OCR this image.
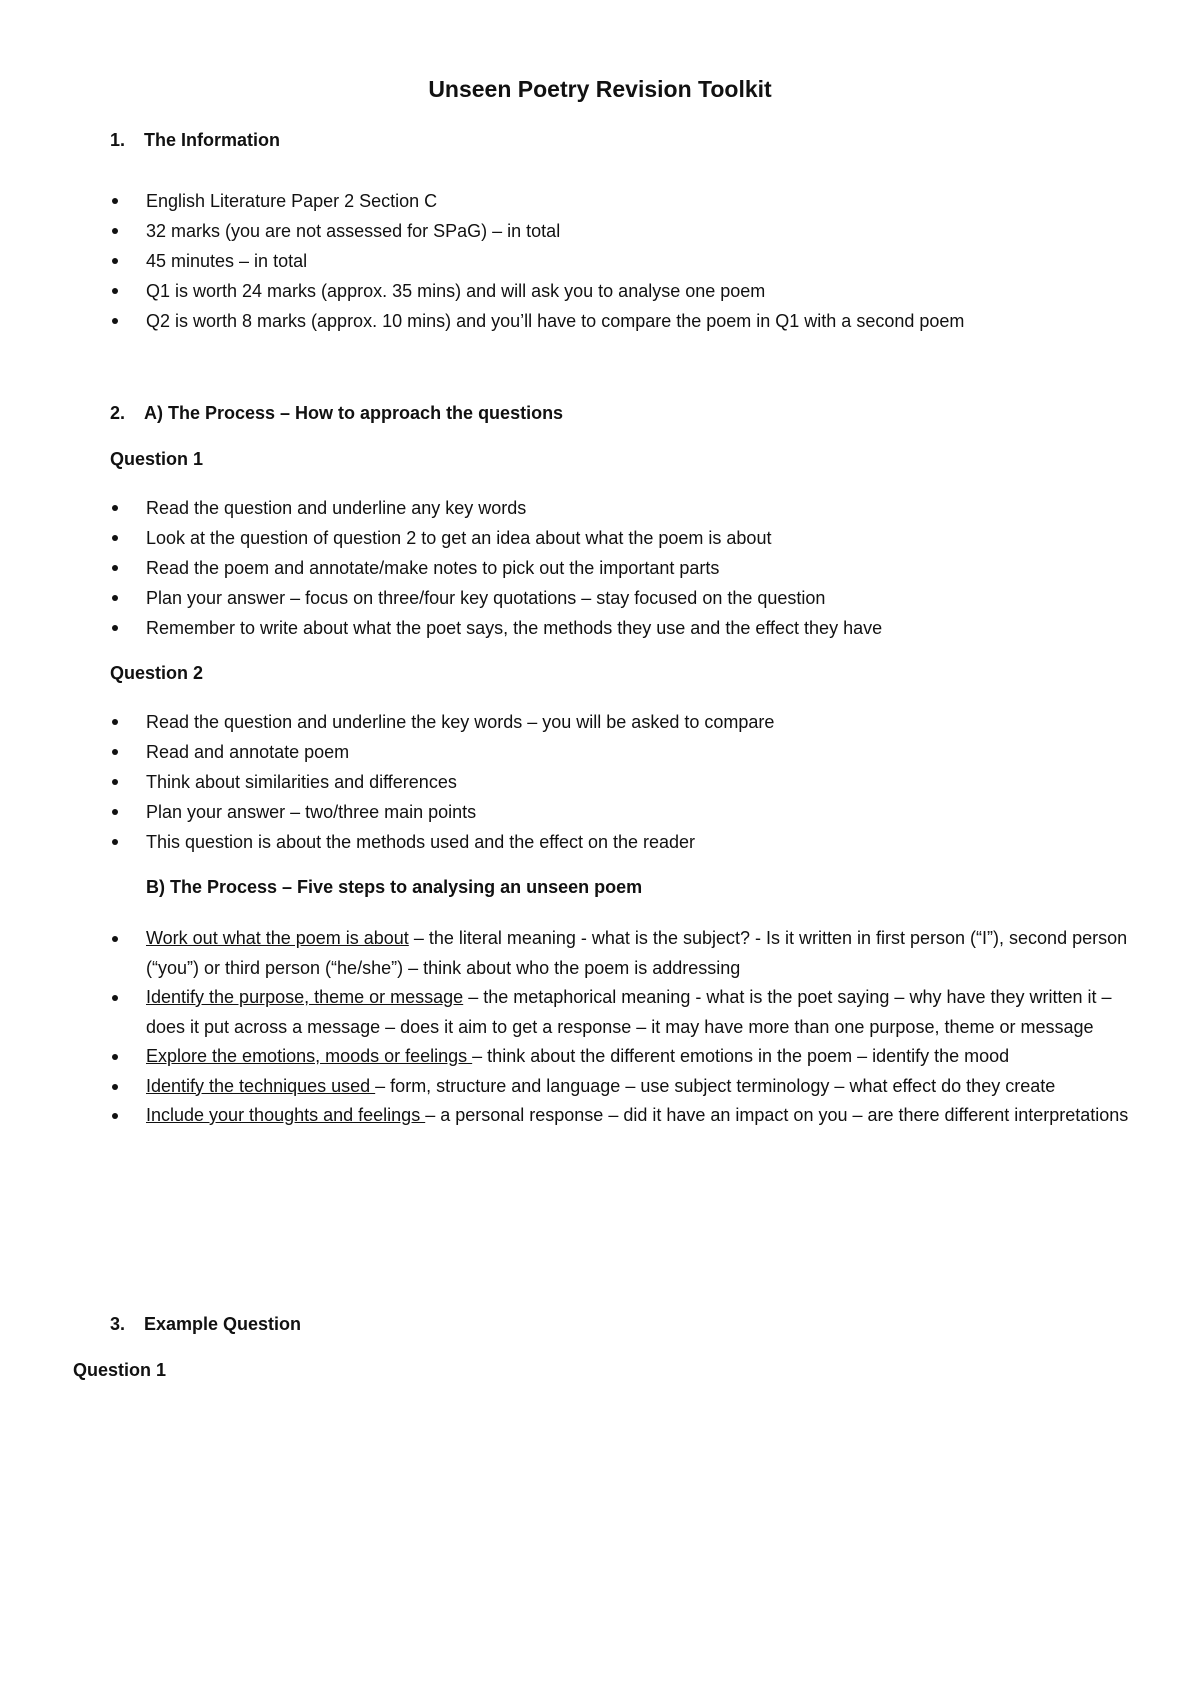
Unseen Poetry Revision Toolkit
1. The Information
English Literature Paper 2 Section C
32 marks (you are not assessed for SPaG) – in total
45 minutes – in total
Q1 is worth 24 marks (approx. 35 mins) and will ask you to analyse one poem
Q2 is worth 8 marks (approx. 10 mins) and you’ll have to compare the poem in Q1 with a second poem
2. A) The Process – How to approach the questions
Question 1
Read the question and underline any key words
Look at the question of question 2 to get an idea about what the poem is about
Read the poem and annotate/make notes to pick out the important parts
Plan your answer – focus on three/four key quotations – stay focused on the question
Remember to write about what the poet says, the methods they use and the effect they have
Question 2
Read the question and underline the key words – you will be asked to compare
Read and annotate poem
Think about similarities and differences
Plan your answer – two/three main points
This question is about the methods used and the effect on the reader
B) The Process – Five steps to analysing an unseen poem
Work out what the poem is about – the literal meaning - what is the subject? - Is it written in first person (“I”), second person (“you”) or third person (“he/she”) – think about who the poem is addressing
Identify the purpose, theme or message – the metaphorical meaning - what is the poet saying – why have they written it – does it put across a message – does it aim to get a response – it may have more than one purpose, theme or message
Explore the emotions, moods or feelings – think about the different emotions in the poem – identify the mood
Identify the techniques used – form, structure and language – use subject terminology – what effect do they create
Include your thoughts and feelings – a personal response – did it have an impact on you – are there different interpretations
3. Example Question
Question 1
